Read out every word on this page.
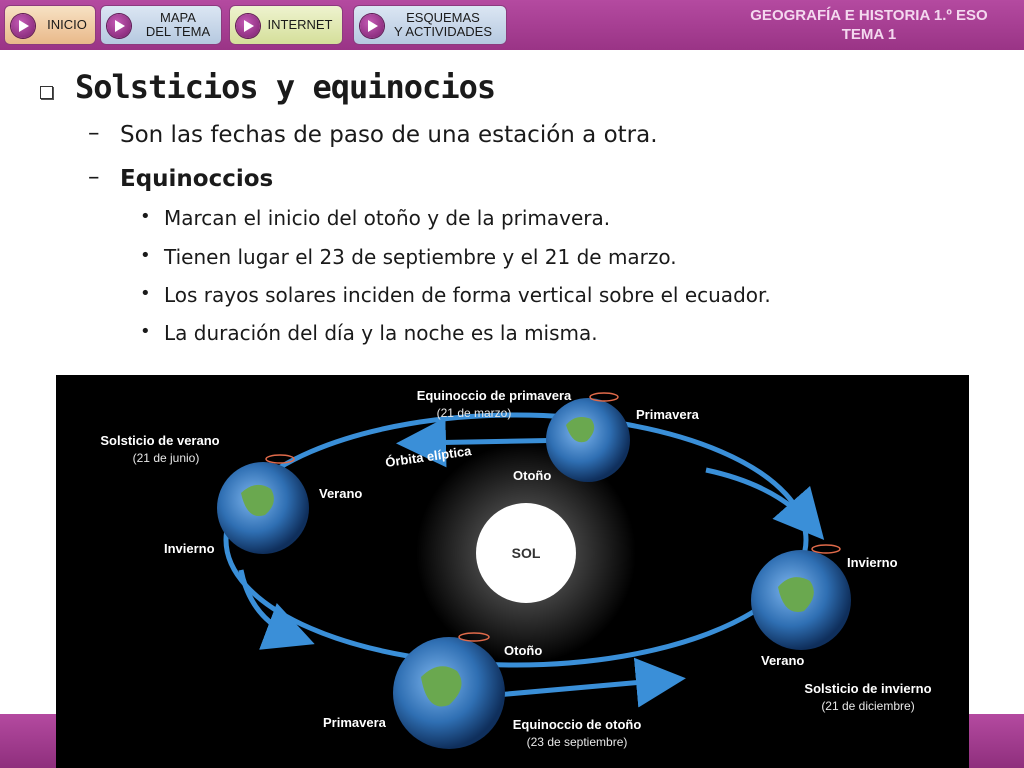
INICIO	MAPA
DEL TEMA	INTERNET	ESQUEMAS
Y ACTIVIDADES
GEOGRAFÍA E HISTORIA 1.º ESO
TEMA 1
Solsticios y equinocios
– Son las fechas de paso de una estación a otra.
– Equinoccios
• Marcan el inicio del otoño y de la primavera.
• Tienen lugar el 23 de septiembre y el 21 de marzo.
• Los rayos solares inciden de forma vertical sobre el ecuador.
• La duración del día y la noche es la misma.
SOL
Equinoccio de primavera
(21 de marzo)	Primavera
Otoño
Órbita elíptica
Solsticio de verano
(21 de junio)
Verano
Invierno
Invierno
Verano
Solsticio de invierno
(21 de diciembre)
Otoño
Primavera	Equinoccio de otoño
(23 de septiembre)
